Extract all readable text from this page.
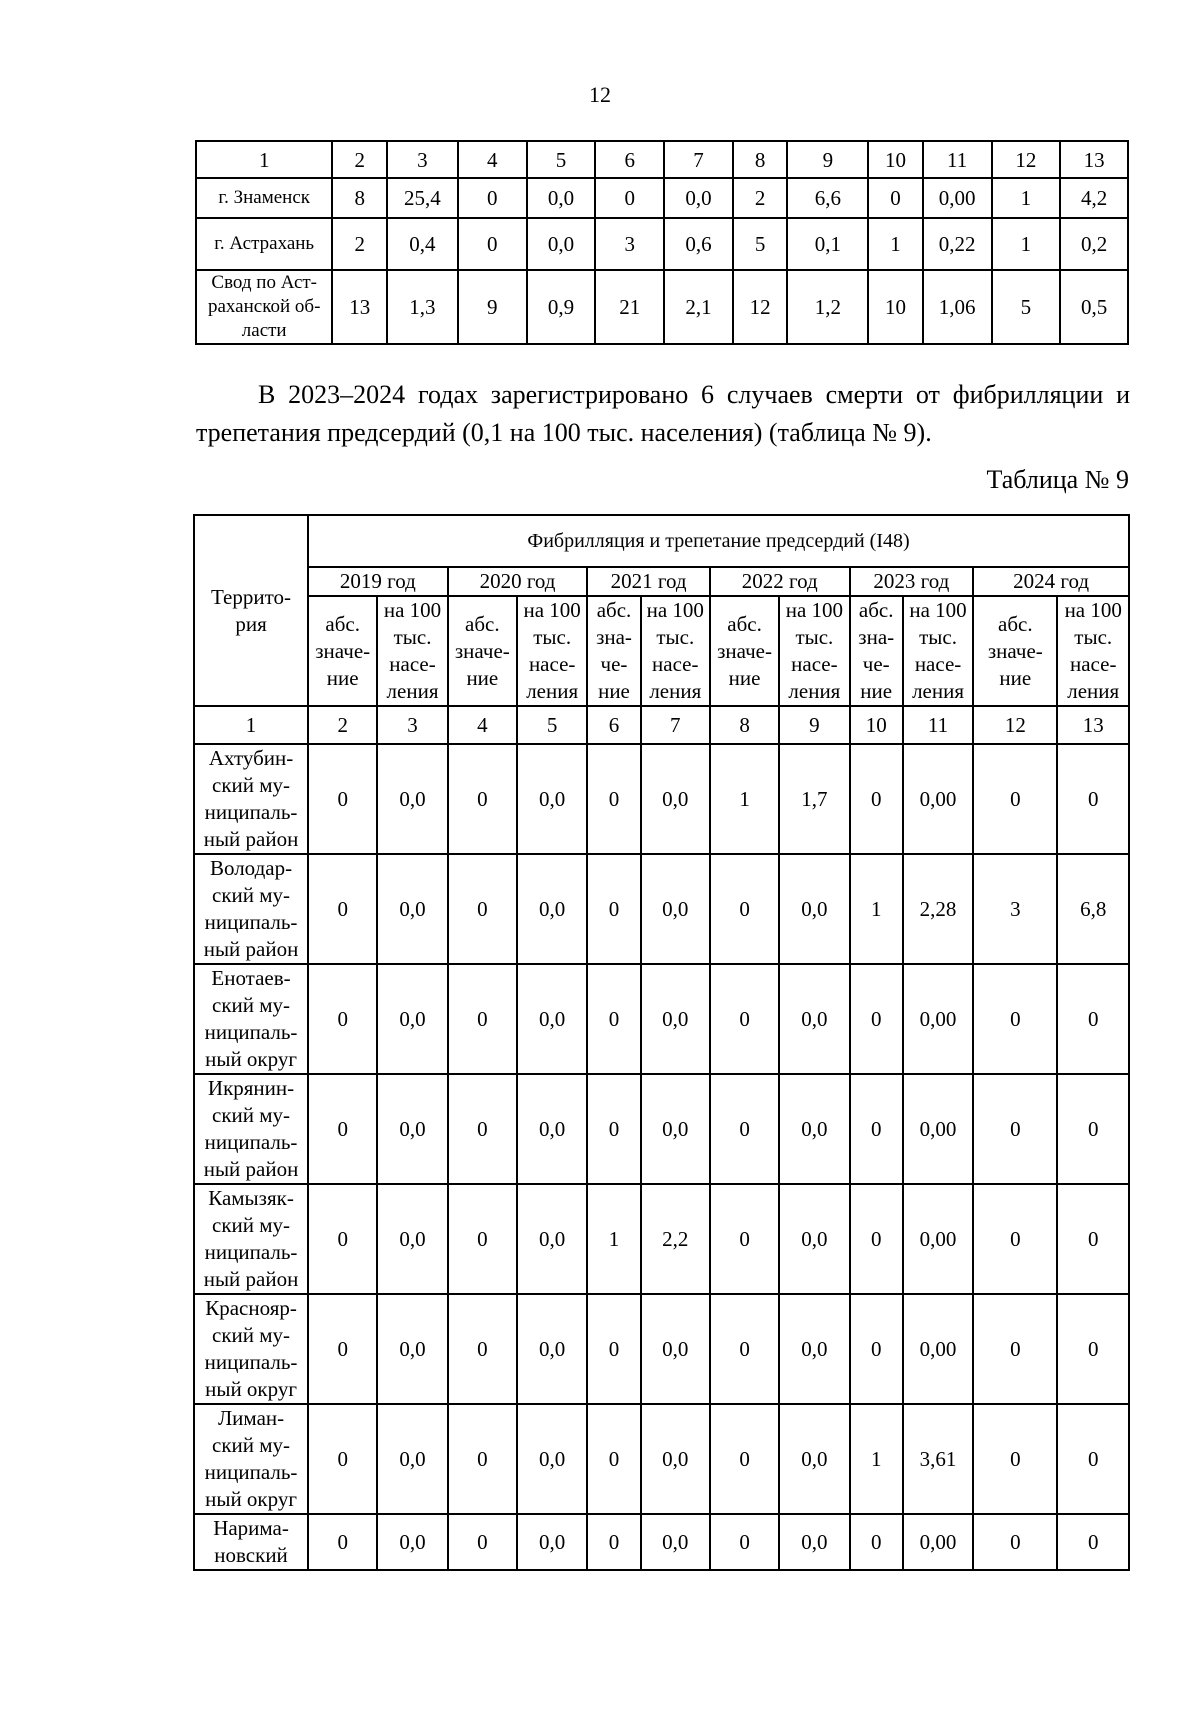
12
1	2	3	4	5	6	7	8	9	10	11	12	13
г. Знаменск	8	25,4	0	0,0	0	0,0	2	6,6	0	0,00	1	4,2
г. Астрахань	2	0,4	0	0,0	3	0,6	5	0,1	1	0,22	1	0,2
Свод по Аст-
раханской об-
ласти	13	1,3	9	0,9	21	2,1	12	1,2	10	1,06	5	0,5
В 2023–2024 годах зарегистрировано 6 случаев смерти от фибрилляции и трепетания предсердий (0,1 на 100 тыс. населения) (таблица № 9).
Таблица № 9
Террито-
рия	Фибрилляция и трепетание предсердий (I48)											
	2019 год		2020 год		2021 год		2022 год		2023 год		2024 год	
	абс.
значе-
ние	на 100
тыс.
насе-
ления	абс.
значе-
ние	на 100
тыс.
насе-
ления	абс.
зна-
че-
ние	на 100
тыс.
насе-
ления	абс.
значе-
ние	на 100
тыс.
насе-
ления	абс.
зна-
че-
ние	на 100
тыс.
насе-
ления	абс.
значе-
ние	на 100
тыс.
насе-
ления
1	2	3	4	5	6	7	8	9	10	11	12	13
Ахтубин-
ский му-
ниципаль-
ный район	0	0,0	0	0,0	0	0,0	1	1,7	0	0,00	0	0
Володар-
ский му-
ниципаль-
ный район	0	0,0	0	0,0	0	0,0	0	0,0	1	2,28	3	6,8
Енотаев-
ский му-
ниципаль-
ный округ	0	0,0	0	0,0	0	0,0	0	0,0	0	0,00	0	0
Икрянин-
ский му-
ниципаль-
ный район	0	0,0	0	0,0	0	0,0	0	0,0	0	0,00	0	0
Камызяк-
ский му-
ниципаль-
ный район	0	0,0	0	0,0	1	2,2	0	0,0	0	0,00	0	0
Краснояр-
ский му-
ниципаль-
ный округ	0	0,0	0	0,0	0	0,0	0	0,0	0	0,00	0	0
Лиман-
ский му-
ниципаль-
ный округ	0	0,0	0	0,0	0	0,0	0	0,0	1	3,61	0	0
Нарима-
новский	0	0,0	0	0,0	0	0,0	0	0,0	0	0,00	0	0
